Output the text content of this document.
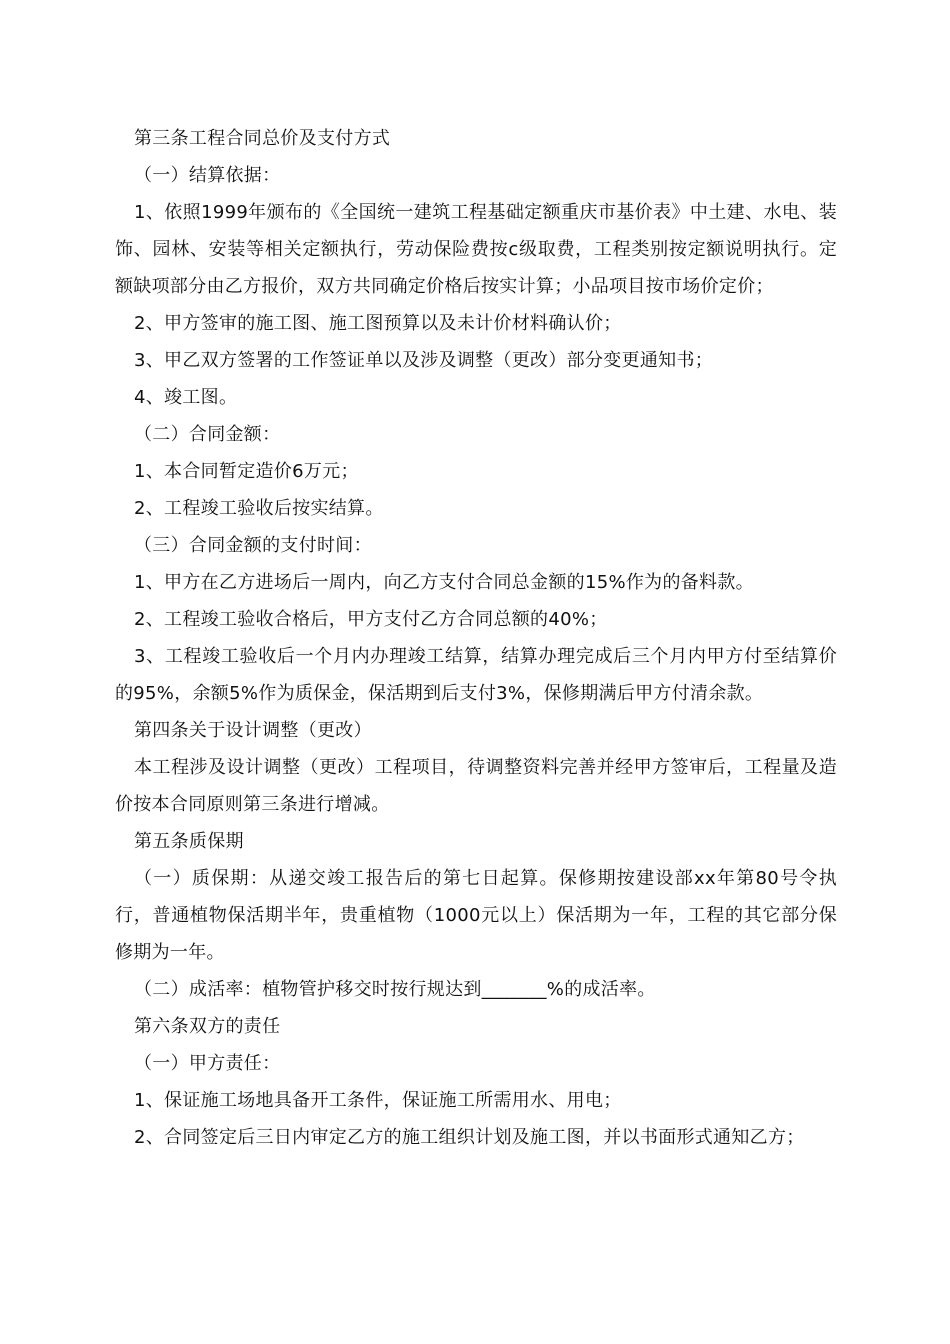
第三条工程合同总价及支付方式

（一）结算依据：

1、依照1999年颁布的《全国统一建筑工程基础定额重庆市基价表》中土建、水电、装饰、园林、安装等相关定额执行，劳动保险费按c级取费，工程类别按定额说明执行。定额缺项部分由乙方报价，双方共同确定价格后按实计算；小品项目按市场价定价；

2、甲方签审的施工图、施工图预算以及未计价材料确认价；

3、甲乙双方签署的工作签证单以及涉及调整（更改）部分变更通知书；

4、竣工图。

（二）合同金额：

1、本合同暂定造价6万元；

2、工程竣工验收后按实结算。

（三）合同金额的支付时间：

1、甲方在乙方进场后一周内，向乙方支付合同总金额的15%作为的备料款。

2、工程竣工验收合格后，甲方支付乙方合同总额的40%；

3、工程竣工验收后一个月内办理竣工结算，结算办理完成后三个月内甲方付至结算价的95%，余额5%作为质保金，保活期到后支付3%，保修期满后甲方付清余款。

第四条关于设计调整（更改）

本工程涉及设计调整（更改）工程项目，待调整资料完善并经甲方签审后，工程量及造价按本合同原则第三条进行增减。

第五条质保期

（一）质保期：从递交竣工报告后的第七日起算。保修期按建设部xx年第80号令执行，普通植物保活期半年，贵重植物（1000元以上）保活期为一年，工程的其它部分保修期为一年。

（二）成活率：植物管护移交时按行规达到_______%的成活率。

第六条双方的责任

（一）甲方责任：

1、保证施工场地具备开工条件，保证施工所需用水、用电；

2、合同签定后三日内审定乙方的施工组织计划及施工图，并以书面形式通知乙方；
